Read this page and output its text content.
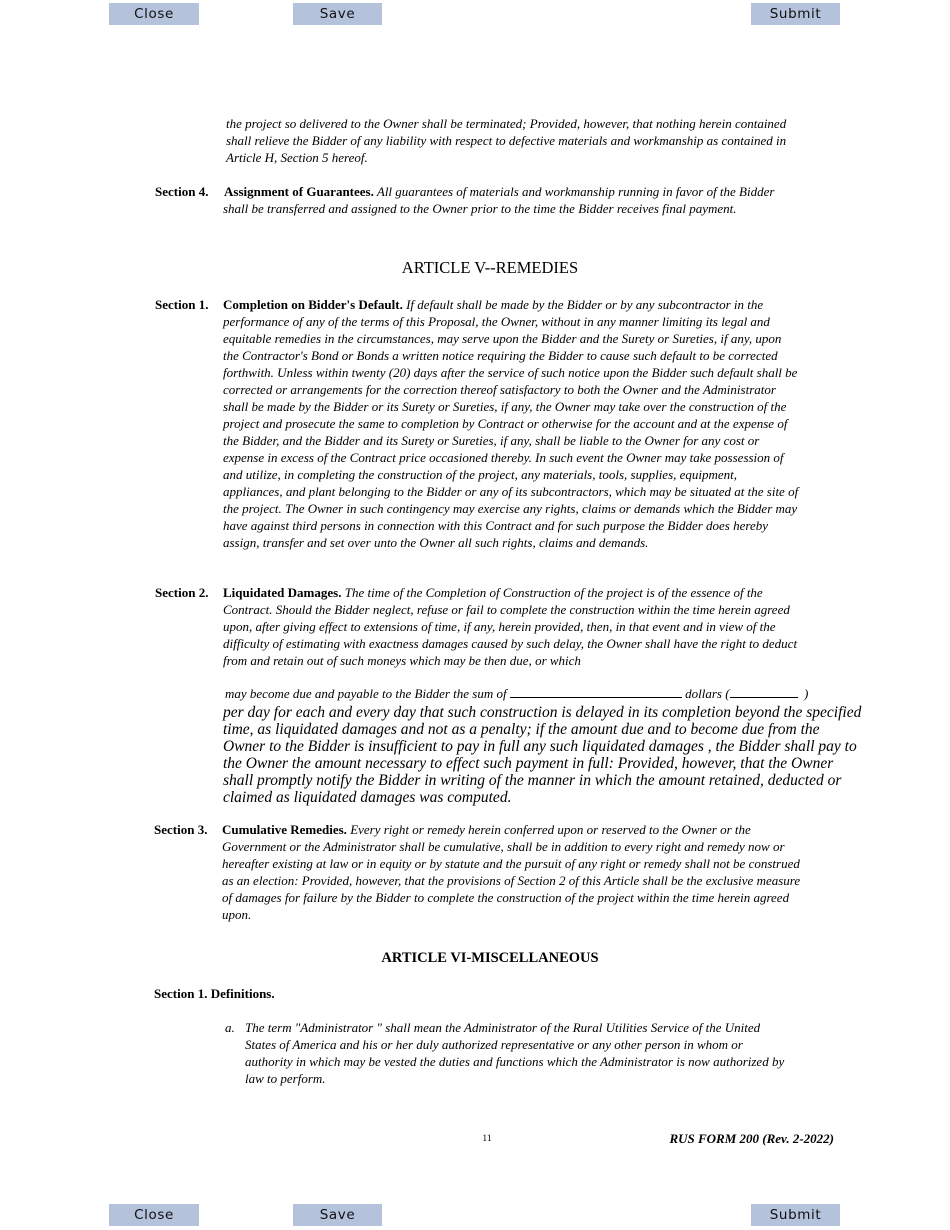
Close	Save	Submit

the project so delivered to the Owner shall be terminated; Provided, however, that nothing herein contained shall relieve the Bidder of any liability with respect to defective materials and workmanship as contained in Article H, Section 5 hereof.

Section 4. Assignment of Guarantees. All guarantees of materials and workmanship running in favor of the Bidder shall be transferred and assigned to the Owner prior to the time the Bidder receives final payment.

ARTICLE V--REMEDIES
Section 1. Completion on Bidder's Default. If default shall be made by the Bidder or by any subcontractor in the performance of any of the terms of this Proposal, the Owner, without in any manner limiting its legal and equitable remedies in the circumstances, may serve upon the Bidder and the Surety or Sureties, if any, upon the Contractor's Bond or Bonds a written notice requiring the Bidder to cause such default to be corrected forthwith. Unless within twenty (20) days after the service of such notice upon the Bidder such default shall be corrected or arrangements for the correction thereof satisfactory to both the Owner and the Administrator shall be made by the Bidder or its Surety or Sureties, if any, the Owner may take over the construction of the project and prosecute the same to completion by Contract or otherwise for the account and at the expense of the Bidder, and the Bidder and its Surety or Sureties, if any, shall be liable to the Owner for any cost or expense in excess of the Contract price occasioned thereby. In such event the Owner may take possession of and utilize, in completing the construction of the project, any materials, tools, supplies, equipment, appliances, and plant belonging to the Bidder or any of its subcontractors, which may be situated at the site of the project. The Owner in such contingency may exercise any rights, claims or demands which the Bidder may have against third persons in connection with this Contract and for such purpose the Bidder does hereby assign, transfer and set over unto the Owner all such rights, claims and demands.

Section 2. Liquidated Damages. The time of the Completion of Construction of the project is of the essence of the Contract. Should the Bidder neglect, refuse or fail to complete the construction within the time herein agreed upon, after giving effect to extensions of time, if any, herein provided, then, in that event and in view of the difficulty of estimating with exactness damages caused by such delay, the Owner shall have the right to deduct from and retain out of such moneys which may be then due, or which

may become due and payable to the Bidder the sum of	dollars (	)
per day for each and every day that such construction is delayed in its completion beyond the specified
time, as liquidated damages and not as a penalty; if the amount due and to become due from the
Owner to the Bidder is insufficient to pay in full any such liquidated damages , the Bidder shall pay to
the Owner the amount necessary to effect such payment in full: Provided, however, that the Owner
shall promptly notify the Bidder in writing of the manner in which the amount retained, deducted or
claimed as liquidated damages was computed.
Section 3. Cumulative Remedies. Every right or remedy herein conferred upon or reserved to the Owner or the Government or the Administrator shall be cumulative, shall be in addition to every right and remedy now or hereafter existing at law or in equity or by statute and the pursuit of any right or remedy shall not be construed as an election: Provided, however, that the provisions of Section 2 of this Article shall be the exclusive measure of damages for failure by the Bidder to complete the construction of the project within the time herein agreed upon.

ARTICLE VI-MISCELLANEOUS
Section 1. Definitions.
a. The term "Administrator " shall mean the Administrator of the Rural Utilities Service of the United States of America and his or her duly authorized representative or any other person in whom or authority in which may be vested the duties and functions which the Administrator is now authorized by law to perform.

11	RUS FORM 200 (Rev. 2-2022)
Close	Save	Submit
